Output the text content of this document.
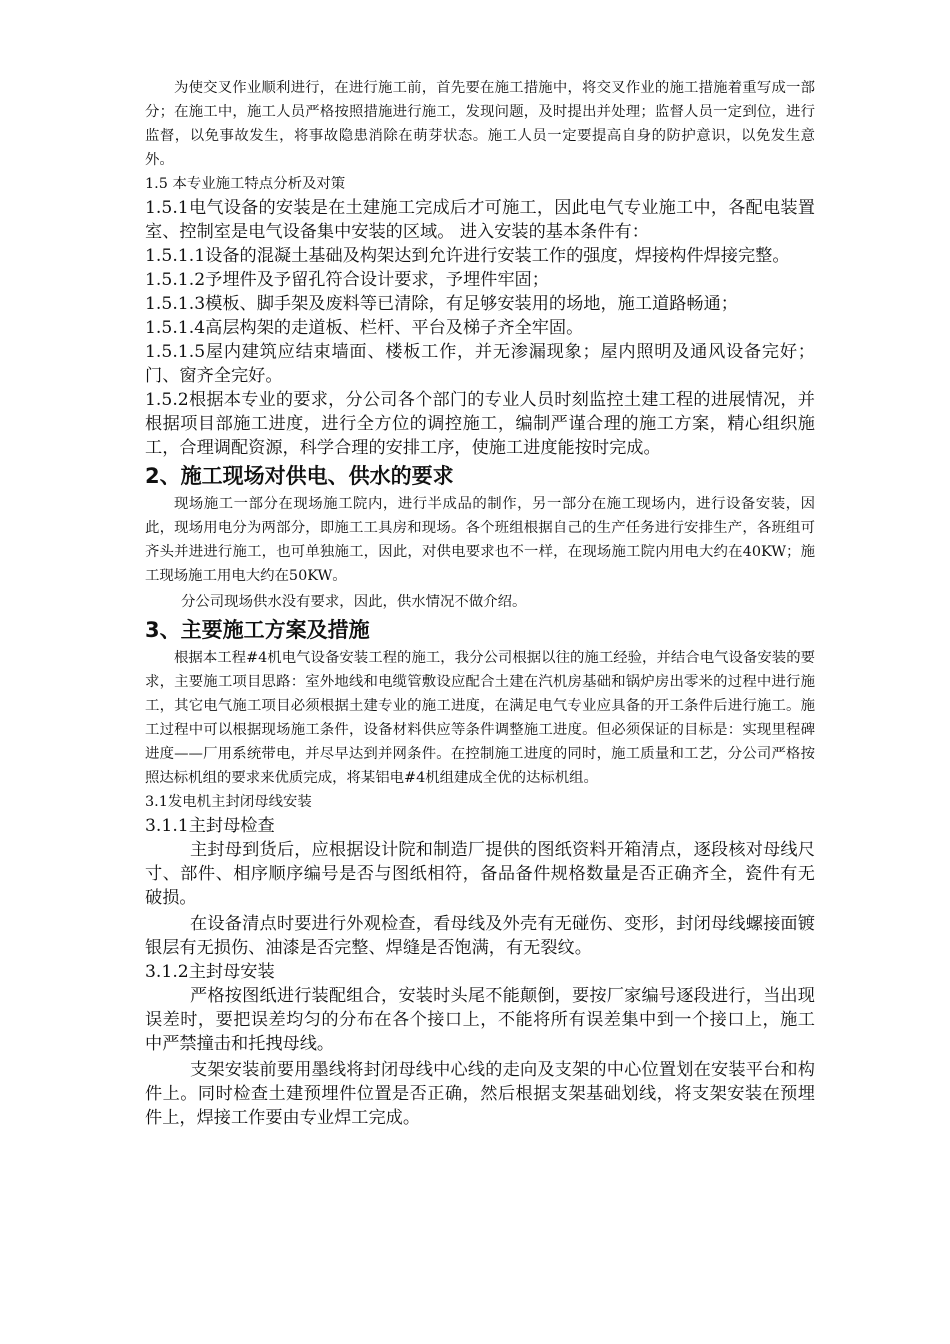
为使交叉作业顺利进行，在进行施工前，首先要在施工措施中，将交叉作业的施工措施着重写成一部分；在施工中，施工人员严格按照措施进行施工，发现问题，及时提出并处理；监督人员一定到位，进行监督，以免事故发生，将事故隐患消除在萌芽状态。施工人员一定要提高自身的防护意识，以免发生意外。

1.5 本专业施工特点分析及对策

1.5.1电气设备的安装是在土建施工完成后才可施工，因此电气专业施工中，各配电装置室、控制室是电气设备集中安装的区域。 进入安装的基本条件有：

1.5.1.1设备的混凝土基础及构架达到允许进行安装工作的强度，焊接构件焊接完整。

1.5.1.2予埋件及予留孔符合设计要求，予埋件牢固；

1.5.1.3模板、脚手架及废料等已清除，有足够安装用的场地，施工道路畅通；

1.5.1.4高层构架的走道板、栏杆、平台及梯子齐全牢固。

1.5.1.5屋内建筑应结束墙面、楼板工作，并无渗漏现象；屋内照明及通风设备完好；门、窗齐全完好。

1.5.2根据本专业的要求，分公司各个部门的专业人员时刻监控土建工程的进展情况，并根据项目部施工进度，进行全方位的调控施工，编制严谨合理的施工方案，精心组织施工，合理调配资源，科学合理的安排工序，使施工进度能按时完成。

2、施工现场对供电、供水的要求

现场施工一部分在现场施工院内，进行半成品的制作，另一部分在施工现场内，进行设备安装，因此，现场用电分为两部分，即施工工具房和现场。各个班组根据自己的生产任务进行安排生产，各班组可齐头并进进行施工，也可单独施工，因此，对供电要求也不一样，在现场施工院内用电大约在40KW；施工现场施工用电大约在50KW。

分公司现场供水没有要求，因此，供水情况不做介绍。

3、主要施工方案及措施

根据本工程#4机电气设备安装工程的施工，我分公司根据以往的施工经验，并结合电气设备安装的要求，主要施工项目思路：室外地线和电缆管敷设应配合土建在汽机房基础和锅炉房出零米的过程中进行施工，其它电气施工项目必须根据土建专业的施工进度，在满足电气专业应具备的开工条件后进行施工。施工过程中可以根据现场施工条件，设备材料供应等条件调整施工进度。但必须保证的目标是：实现里程碑进度——厂用系统带电，并尽早达到并网条件。在控制施工进度的同时，施工质量和工艺，分公司严格按照达标机组的要求来优质完成，将某铝电#4机组建成全优的达标机组。

3.1发电机主封闭母线安装

3.1.1主封母检查

主封母到货后，应根据设计院和制造厂提供的图纸资料开箱清点，逐段核对母线尺寸、部件、相序顺序编号是否与图纸相符，备品备件规格数量是否正确齐全，瓷件有无破损。

在设备清点时要进行外观检查，看母线及外壳有无碰伤、变形，封闭母线螺接面镀银层有无损伤、油漆是否完整、焊缝是否饱满，有无裂纹。

3.1.2主封母安装

严格按图纸进行装配组合，安装时头尾不能颠倒，要按厂家编号逐段进行，当出现误差时，要把误差均匀的分布在各个接口上，不能将所有误差集中到一个接口上，施工中严禁撞击和托拽母线。

支架安装前要用墨线将封闭母线中心线的走向及支架的中心位置划在安装平台和构件上。同时检查土建预埋件位置是否正确，然后根据支架基础划线，将支架安装在预埋件上，焊接工作要由专业焊工完成。
